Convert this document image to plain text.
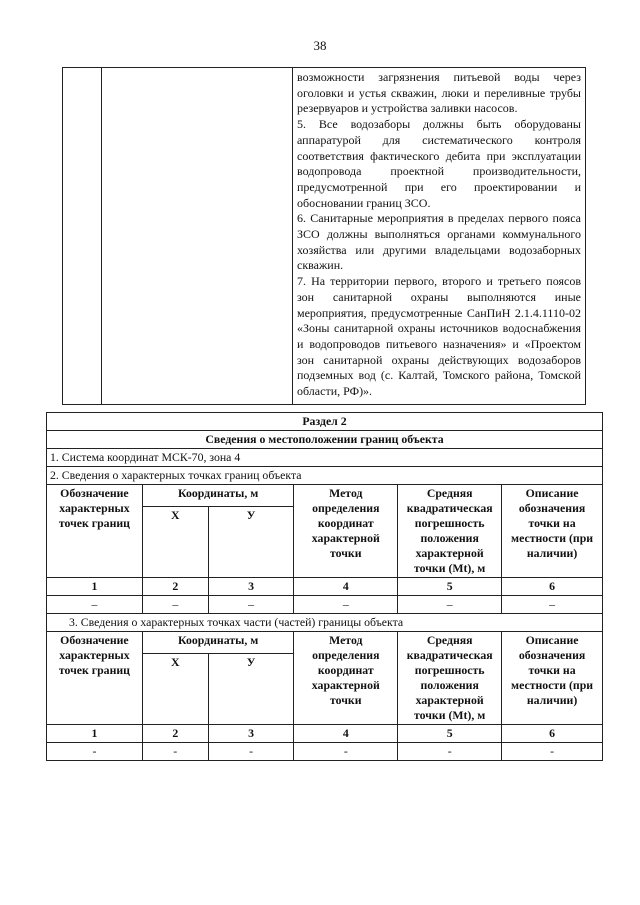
38

возможности загрязнения питьевой воды через оголовки и устья скважин, люки и переливные трубы резервуаров и устройства заливки насосов.

5. Все водозаборы должны быть оборудованы аппаратурой для систематического контроля соответствия фактического дебита при эксплуатации водопровода проектной производительности, предусмотренной при его проектировании и обосновании границ ЗСО.

6. Санитарные мероприятия в пределах первого пояса ЗСО должны выполняться органами коммунального хозяйства или другими владельцами водозаборных скважин.

7. На территории первого, второго и третьего поясов зон санитарной охраны выполняются иные мероприятия, предусмотренные СанПиН 2.1.4.1110-02 «Зоны санитарной охраны источников водоснабжения и водопроводов питьевого назначения» и «Проектом зон санитарной охраны действующих водозаборов подземных вод (с. Калтай, Томского района, Томской области, РФ)».

Раздел 2					
Сведения о местоположении границ объекта					
1. Система координат МСК-70, зона 4					
2. Сведения о характерных точках границ объекта					
Обозначение характерных точек границ	Координаты, м		Метод определения координат характерной точки	Средняя квадратическая погрешность положения характерной точки (Mt), м	Описание обозначения точки на местности (при наличии)
	X	У			
1	2	3	4	5	6
–	–	–	–	–	–
3. Сведения о характерных точках части (частей) границы объекта					
Обозначение характерных точек границ	Координаты, м		Метод определения координат характерной точки	Средняя квадратическая погрешность положения характерной точки (Mt), м	Описание обозначения точки на местности (при наличии)
	X	У			
1	2	3	4	5	6
-	-	-	-	-	-
